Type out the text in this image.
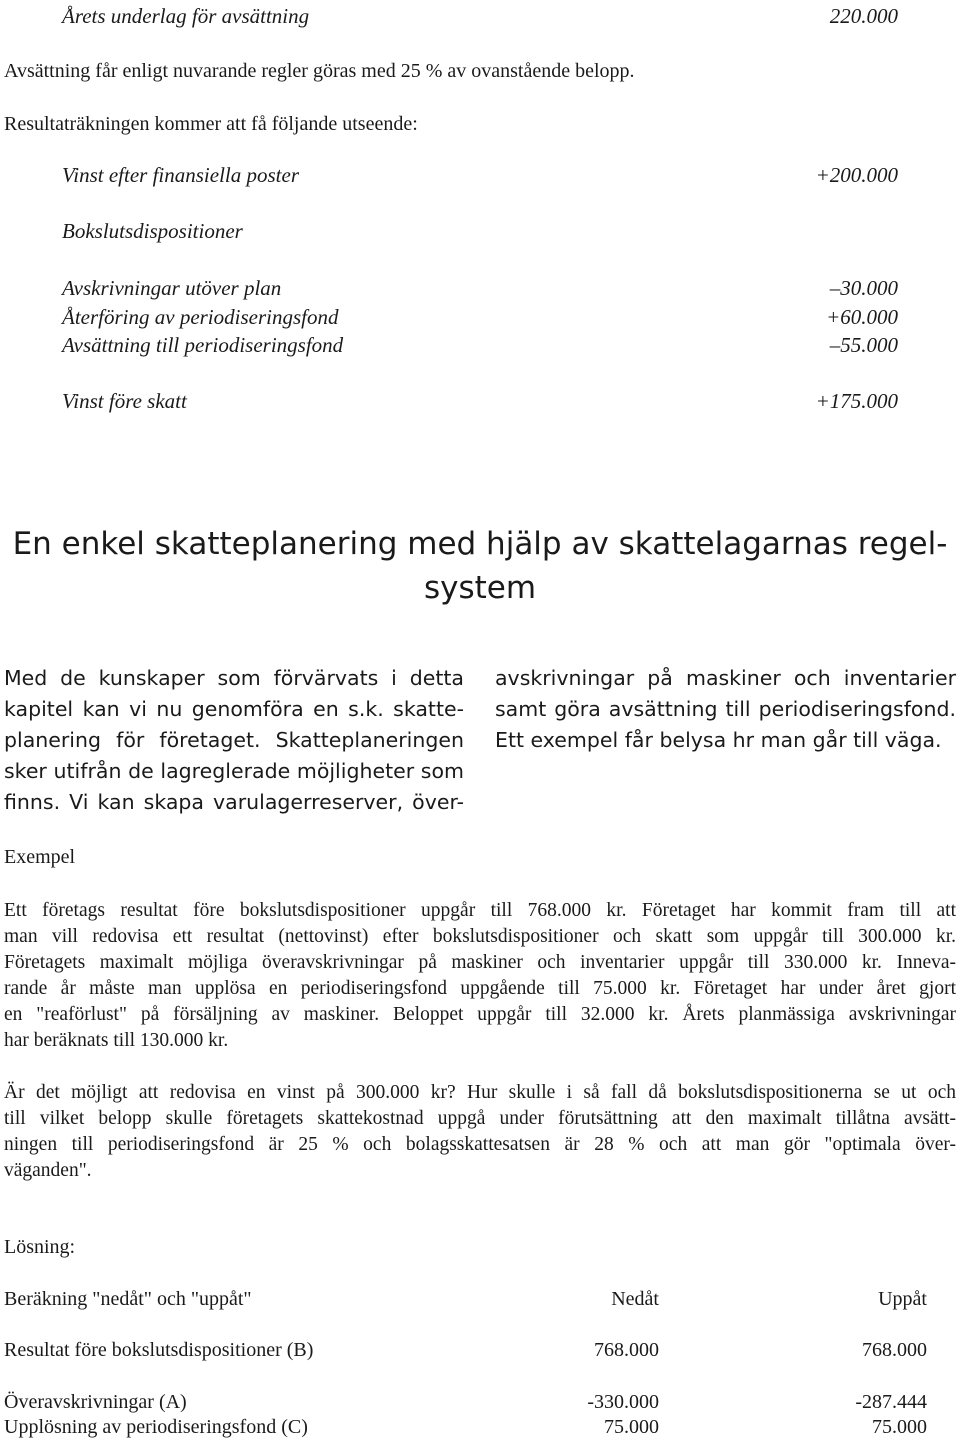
Årets underlag för avsättning	220.000
Avsättning får enligt nuvarande regler göras med 25 % av ovanstående belopp.
Resultaträkningen kommer att få följande utseende:
Vinst efter finansiella poster	+200.000
Bokslutsdispositioner
Avskrivningar utöver plan	–30.000
Återföring av periodiseringsfond	+60.000
Avsättning till periodiseringsfond	–55.000
Vinst före skatt	+175.000
En enkel skatteplanering med hjälp av skattelagarnas regel-
system
Med de kunskaper som förvärvats i detta
kapitel kan vi nu genomföra en s.k. skatte-
planering för företaget. Skatteplaneringen
sker utifrån de lagreglerade möjligheter som
finns. Vi kan skapa varulagerreserver, över-
avskrivningar på maskiner och inventarier
samt göra avsättning till periodiseringsfond.
Ett exempel får belysa hr man går till väga.
Exempel
Ett företags resultat före bokslutsdispositioner uppgår till 768.000 kr. Företaget har kommit fram till att
man vill redovisa ett resultat (nettovinst) efter bokslutsdispositioner och skatt som uppgår till 300.000 kr.
Företagets maximalt möjliga överavskrivningar på maskiner och inventarier uppgår till 330.000 kr. Inneva-
rande år måste man upplösa en periodiseringsfond uppgående till 75.000 kr. Företaget har under året gjort
en "reaförlust" på försäljning av maskiner. Beloppet uppgår till 32.000 kr. Årets planmässiga avskrivningar
har beräknats till 130.000 kr.
Är det möjligt att redovisa en vinst på 300.000 kr? Hur skulle i så fall då bokslutsdispositionerna se ut och
till vilket belopp skulle företagets skattekostnad uppgå under förutsättning att den maximalt tillåtna avsätt-
ningen till periodiseringsfond är 25 % och bolagsskattesatsen är 28 % och att man gör "optimala över-
väganden".
Lösning:
Beräkning "nedåt" och "uppåt"	Nedåt	Uppåt
Resultat före bokslutsdispositioner (B)	768.000	768.000
Överavskrivningar (A)	-330.000	-287.444
Upplösning av periodiseringsfond (C)	75.000	75.000
